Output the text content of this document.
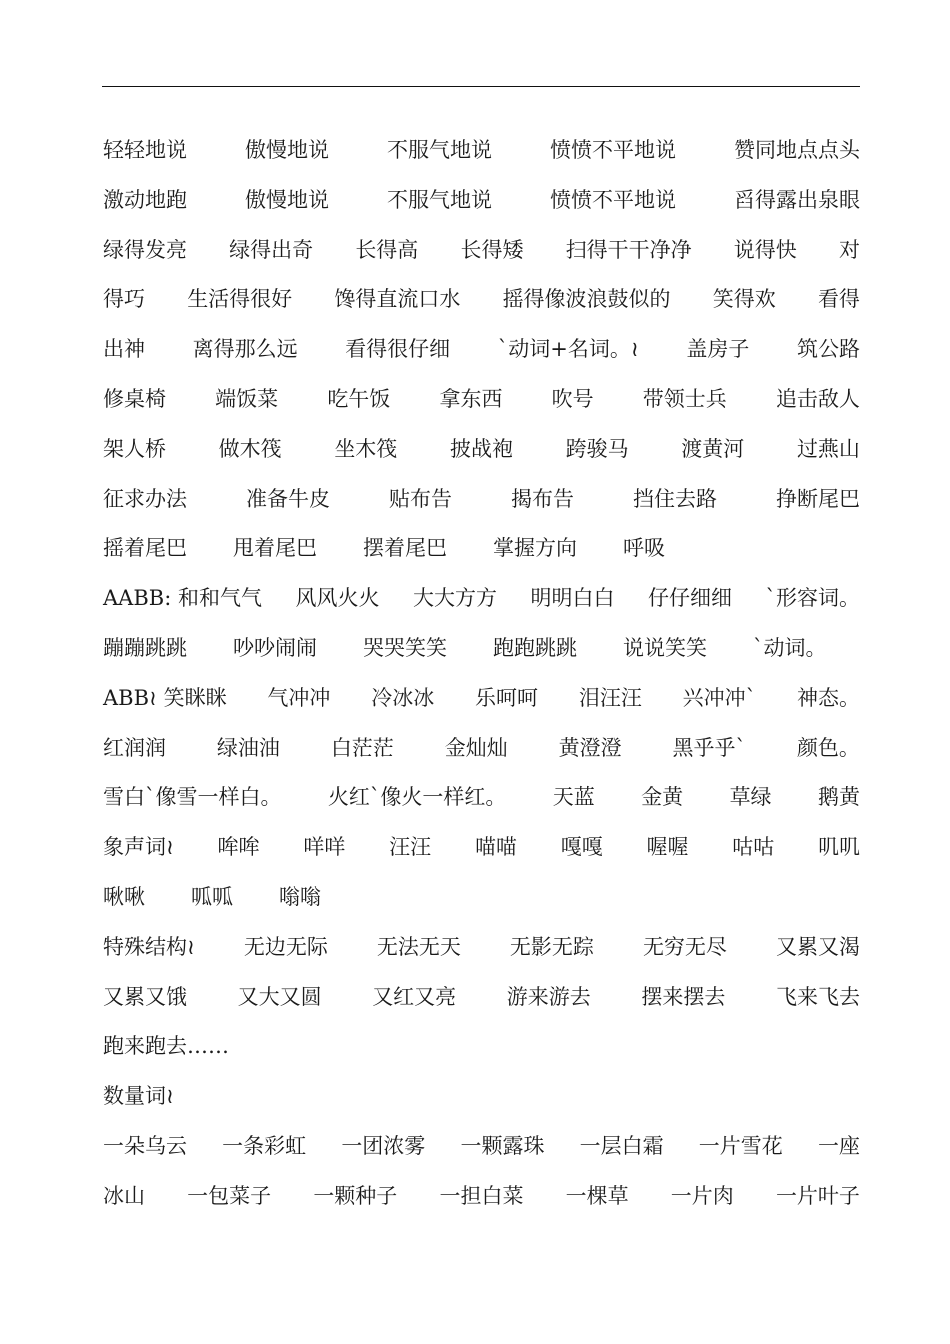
轻轻地说	傲慢地说	不服气地说	愤愤不平地说	赞同地点点头
激动地跑	傲慢地说	不服气地说	愤愤不平地说	舀得露出泉眼
绿得发亮 绿得出奇 长得高 长得矮 扫得干干净净 说得快 对
得巧 生活得很好 馋得直流口水 摇得像波浪鼓似的 笑得欢 看得
出神 离得那么远 看得很仔细 `动词+名词。≀ 盖房子 筑公路
修桌椅 端饭菜 吃午饭 拿东西 吹号 带领士兵 追击敌人
架人桥	做木筏	坐木筏	披战袍	跨骏马	渡黄河	过燕山
征求办法	准备牛皮	贴布告	揭布告	挡住去路	挣断尾巴
摇着尾巴 甩着尾巴 摆着尾巴 掌握方向 呼吸
AABB: 和和气气 风风火火 大大方方 明明白白 仔仔细细 `形容词。
蹦蹦跳跳 吵吵闹闹 哭哭笑笑 跑跑跳跳 说说笑笑 `动词。
ABB≀ 笑眯眯 气冲冲 冷冰冰 乐呵呵 泪汪汪 兴冲冲` 神态。
红润润 绿油油 白茫茫 金灿灿 黄澄澄 黑乎乎` 颜色。
雪白`像雪一样白。 火红`像火一样红。 天蓝 金黄 草绿 鹅黄
象声词≀ 哞哞 咩咩 汪汪 喵喵 嘎嘎 喔喔 咕咕 叽叽
啾啾 呱呱 嗡嗡
特殊结构≀ 无边无际 无法无天 无影无踪 无穷无尽 又累又渴
又累又饿 又大又圆 又红又亮 游来游去 摆来摆去 飞来飞去
跑来跑去……
数量词≀
一朵乌云 一条彩虹 一团浓雾 一颗露珠 一层白霜 一片雪花 一座
冰山 一包菜子 一颗种子 一担白菜 一棵草 一片肉 一片叶子
